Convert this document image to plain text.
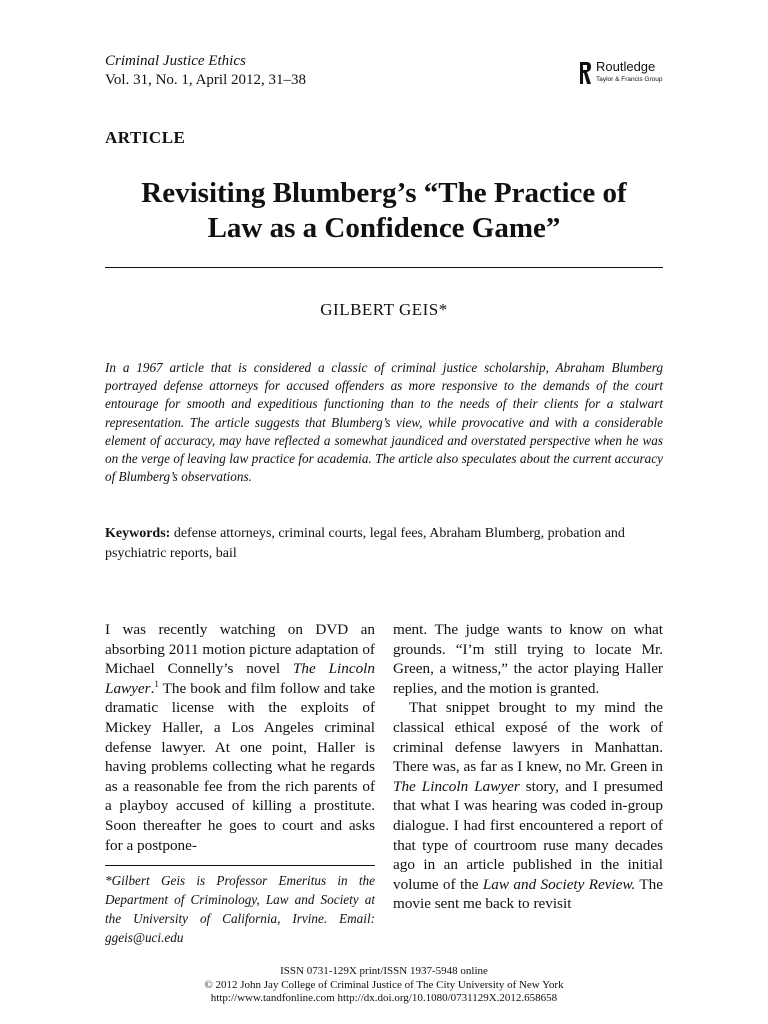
Criminal Justice Ethics
Vol. 31, No. 1, April 2012, 31–38
Routledge
Taylor & Francis Group
ARTICLE
Revisiting Blumberg’s “The Practice of
Law as a Confidence Game”
GILBERT GEIS*
In a 1967 article that is considered a classic of criminal justice scholarship, Abraham Blumberg portrayed defense attorneys for accused offenders as more responsive to the demands of the court entourage for smooth and expeditious functioning than to the needs of their clients for a stalwart representation. The article suggests that Blumberg’s view, while provocative and with a considerable element of accuracy, may have reflected a somewhat jaundiced and overstated perspective when he was on the verge of leaving law practice for academia. The article also speculates about the current accuracy of Blumberg’s observations.
Keywords: defense attorneys, criminal courts, legal fees, Abraham Blumberg, probation and psychiatric reports, bail

I was recently watching on DVD an absorbing 2011 motion picture adaptation of Michael Connelly’s novel The Lincoln Lawyer.$^1$ The book and film follow and take dramatic license with the exploits of Mickey Haller, a Los Angeles criminal defense lawyer. At one point, Haller is having problems collecting what he regards as a reasonable fee from the rich parents of a playboy accused of killing a prostitute. Soon thereafter he goes to court and asks for a postpone-

ment. The judge wants to know on what grounds. “I’m still trying to locate Mr. Green, a witness,” the actor playing Haller replies, and the motion is granted.

That snippet brought to my mind the classical ethical exposé of the work of criminal defense lawyers in Manhattan. There was, as far as I knew, no Mr. Green in The Lincoln Lawyer story, and I presumed that what I was hearing was coded in-group dialogue. I had first encountered a report of that type of courtroom ruse many decades ago in an article published in the initial volume of the Law and Society Review. The movie sent me back to revisit

*Gilbert Geis is Professor Emeritus in the Department of Criminology, Law and Society at the University of California, Irvine. Email: ggeis@uci.edu
ISSN 0731-129X print/ISSN 1937-5948 online
© 2012 John Jay College of Criminal Justice of The City University of New York
http://www.tandfonline.com http://dx.doi.org/10.1080/0731129X.2012.658658
